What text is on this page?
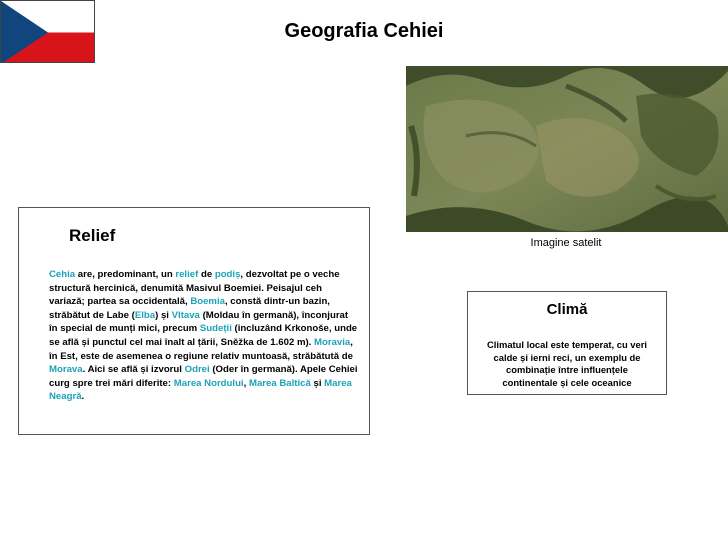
Geografia Cehiei
Imagine satelit
Relief
Cehia are, predominant, un relief de podiș, dezvoltat pe o veche structură hercinică, denumită Masivul Boemiei. Peisajul ceh variază; partea sa occidentală, Boemia, constă dintr-un bazin, străbătut de Labe (Elba) și Vltava (Moldau în germană), înconjurat în special de munți mici, precum Sudeții (incluzând Krkonoše, unde se află și punctul cel mai înalt al țării, Sněžka de 1.602 m). Moravia, în Est, este de asemenea o regiune relativ muntoasă, străbătută de Morava. Aici se află și izvorul Odrei (Oder în germană). Apele Cehiei curg spre trei mări diferite: Marea Nordului, Marea Baltică și Marea Neagră.
Climă
Climatul local este temperat, cu veri calde și ierni reci, un exemplu de combinație între influențele continentale și cele oceanice
